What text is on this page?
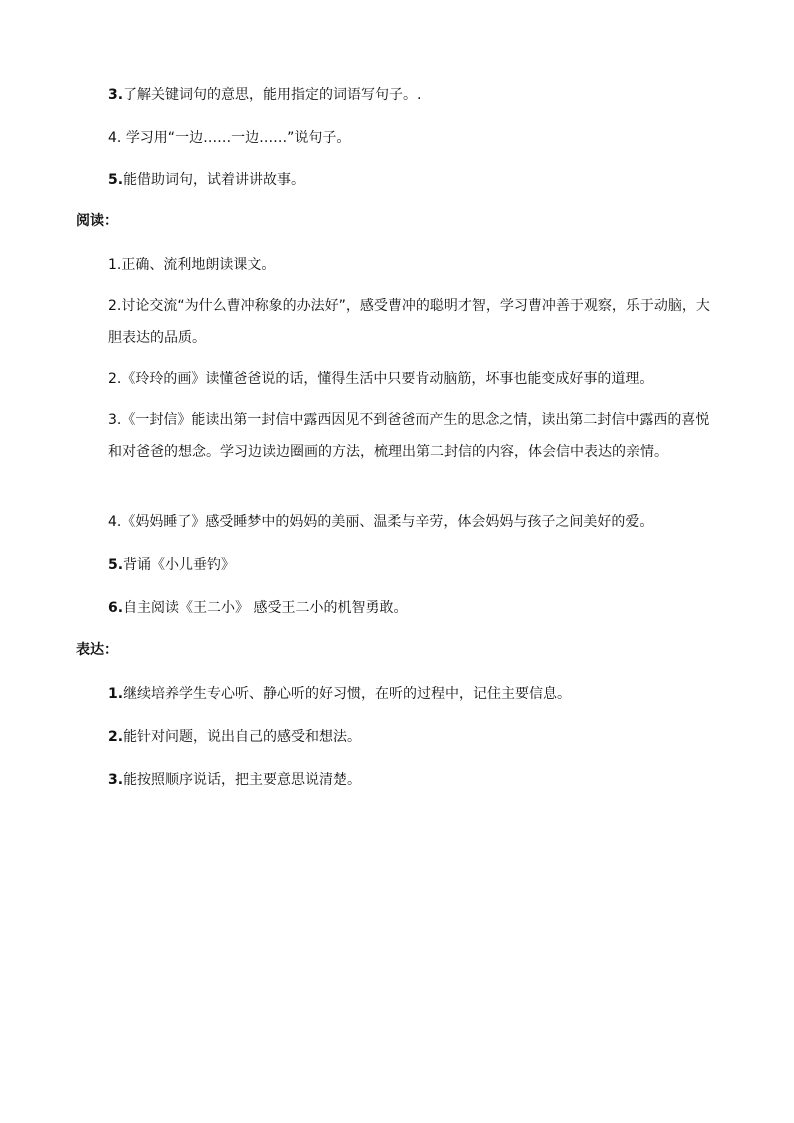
3.了解关键词句的意思，能用指定的词语写句子。.
4. 学习用“一边……一边……”说句子。
5.能借助词句，试着讲讲故事。
阅读：
1.正确、流利地朗读课文。
2.讨论交流“为什么曹冲称象的办法好”，感受曹冲的聪明才智，学习曹冲善于观察，乐于动脑，大胆表达的品质。
2.《玲玲的画》读懂爸爸说的话，懂得生活中只要肯动脑筋，坏事也能变成好事的道理。
3.《一封信》能读出第一封信中露西因见不到爸爸而产生的思念之情，读出第二封信中露西的喜悦和对爸爸的想念。学习边读边圈画的方法，梳理出第二封信的内容，体会信中表达的亲情。
4.《妈妈睡了》感受睡梦中的妈妈的美丽、温柔与辛劳，体会妈妈与孩子之间美好的爱。
5.背诵《小儿垂钓》
6.自主阅读《王二小》 感受王二小的机智勇敢。
表达：
1.继续培养学生专心听、静心听的好习惯，在听的过程中，记住主要信息。
2.能针对问题，说出自己的感受和想法。
3.能按照顺序说话，把主要意思说清楚。
